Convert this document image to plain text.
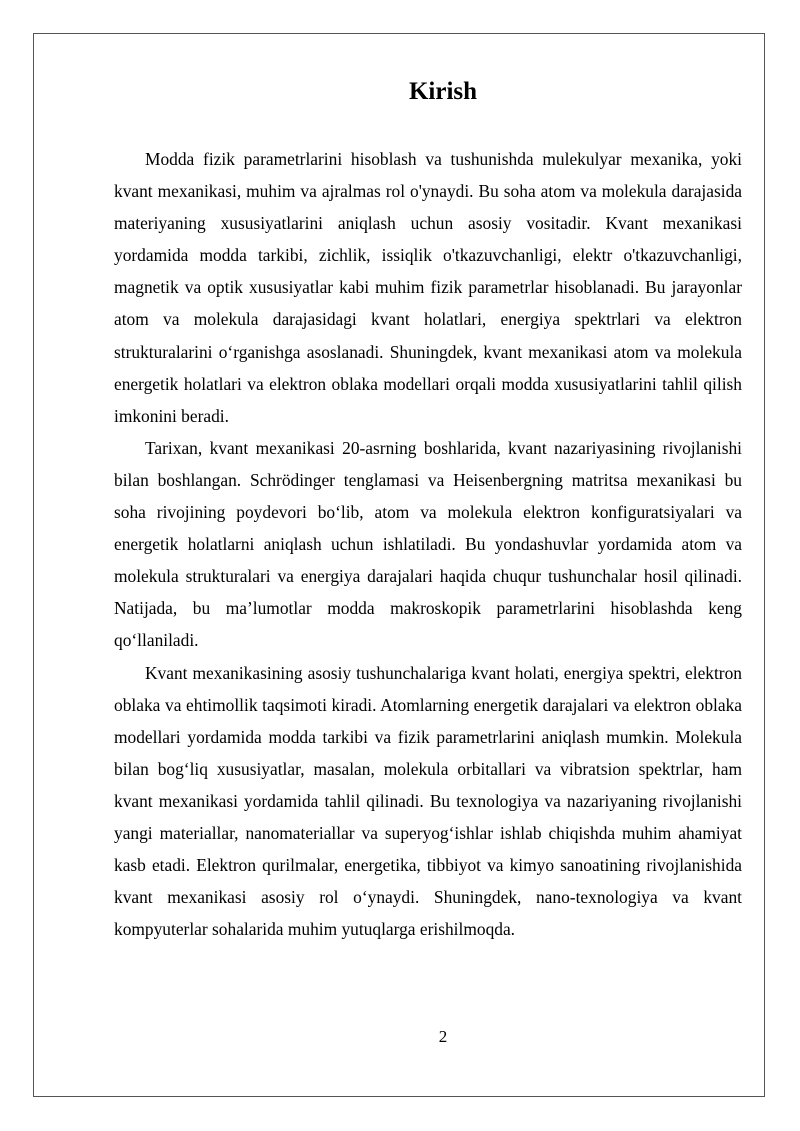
Kirish

Modda fizik parametrlarini hisoblash va tushunishda mulekulyar mexanika, yoki kvant mexanikasi, muhim va ajralmas rol o'ynaydi. Bu soha atom va molekula darajasida materiyaning xususiyatlarini aniqlash uchun asosiy vositadir. Kvant mexanikasi yordamida modda tarkibi, zichlik, issiqlik o'tkazuvchanligi, elektr o'tkazuvchanligi, magnetik va optik xususiyatlar kabi muhim fizik parametrlar hisoblanadi. Bu jarayonlar atom va molekula darajasidagi kvant holatlari, energiya spektrlari va elektron strukturalarini o‘rganishga asoslanadi. Shuningdek, kvant mexanikasi atom va molekula energetik holatlari va elektron oblaka modellari orqali modda xususiyatlarini tahlil qilish imkonini beradi.

Tarixan, kvant mexanikasi 20-asrning boshlarida, kvant nazariyasining rivojlanishi bilan boshlangan. Schrödinger tenglamasi va Heisenbergning matritsa mexanikasi bu soha rivojining poydevori bo‘lib, atom va molekula elektron konfiguratsiyalari va energetik holatlarni aniqlash uchun ishlatiladi. Bu yondashuvlar yordamida atom va molekula strukturalari va energiya darajalari haqida chuqur tushunchalar hosil qilinadi. Natijada, bu ma’lumotlar modda makroskopik parametrlarini hisoblashda keng qo‘llaniladi.

Kvant mexanikasining asosiy tushunchalariga kvant holati, energiya spektri, elektron oblaka va ehtimollik taqsimoti kiradi. Atomlarning energetik darajalari va elektron oblaka modellari yordamida modda tarkibi va fizik parametrlarini aniqlash mumkin. Molekula bilan bog‘liq xususiyatlar, masalan, molekula orbitallari va vibratsion spektrlar, ham kvant mexanikasi yordamida tahlil qilinadi. Bu texnologiya va nazariyaning rivojlanishi yangi materiallar, nanomateriallar va superyog‘ishlar ishlab chiqishda muhim ahamiyat kasb etadi. Elektron qurilmalar, energetika, tibbiyot va kimyo sanoatining rivojlanishida kvant mexanikasi asosiy rol o‘ynaydi. Shuningdek, nano-texnologiya va kvant kompyuterlar sohalarida muhim yutuqlarga erishilmoqda.

2
